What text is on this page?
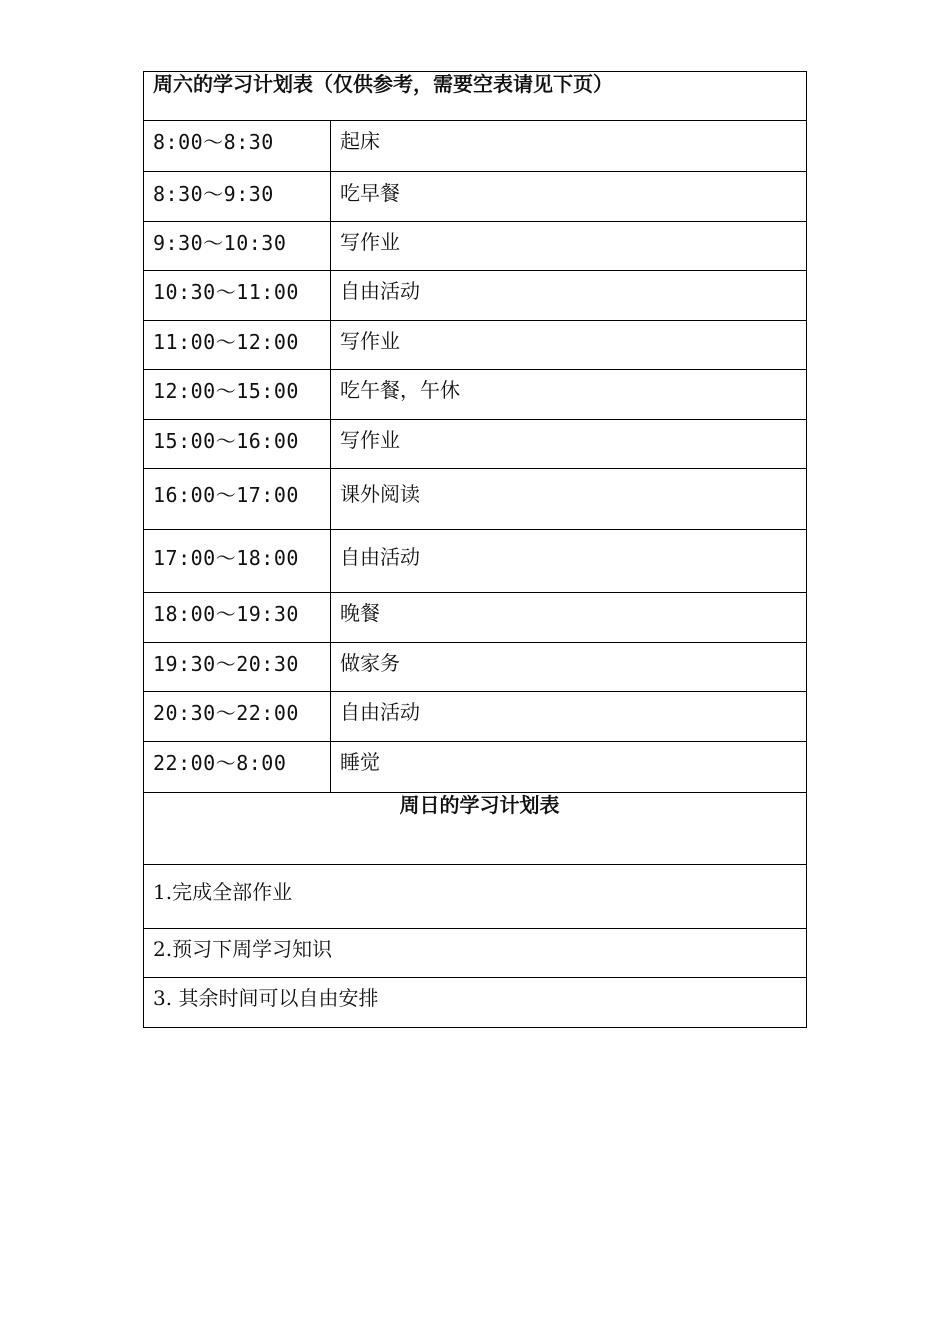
周六的学习计划表（仅供参考，需要空表请见下页）	
8:00～8:30	起床
8:30～9:30	吃早餐
9:30～10:30	写作业
10:30～11:00	自由活动
11:00～12:00	写作业
12:00～15:00	吃午餐，午休
15:00～16:00	写作业
16:00～17:00	课外阅读
17:00～18:00	自由活动
18:00～19:30	晚餐
19:30～20:30	做家务
20:30～22:00	自由活动
22:00～8:00	睡觉
周日的学习计划表	
1.完成全部作业	
2.预习下周学习知识	
3. 其余时间可以自由安排	
